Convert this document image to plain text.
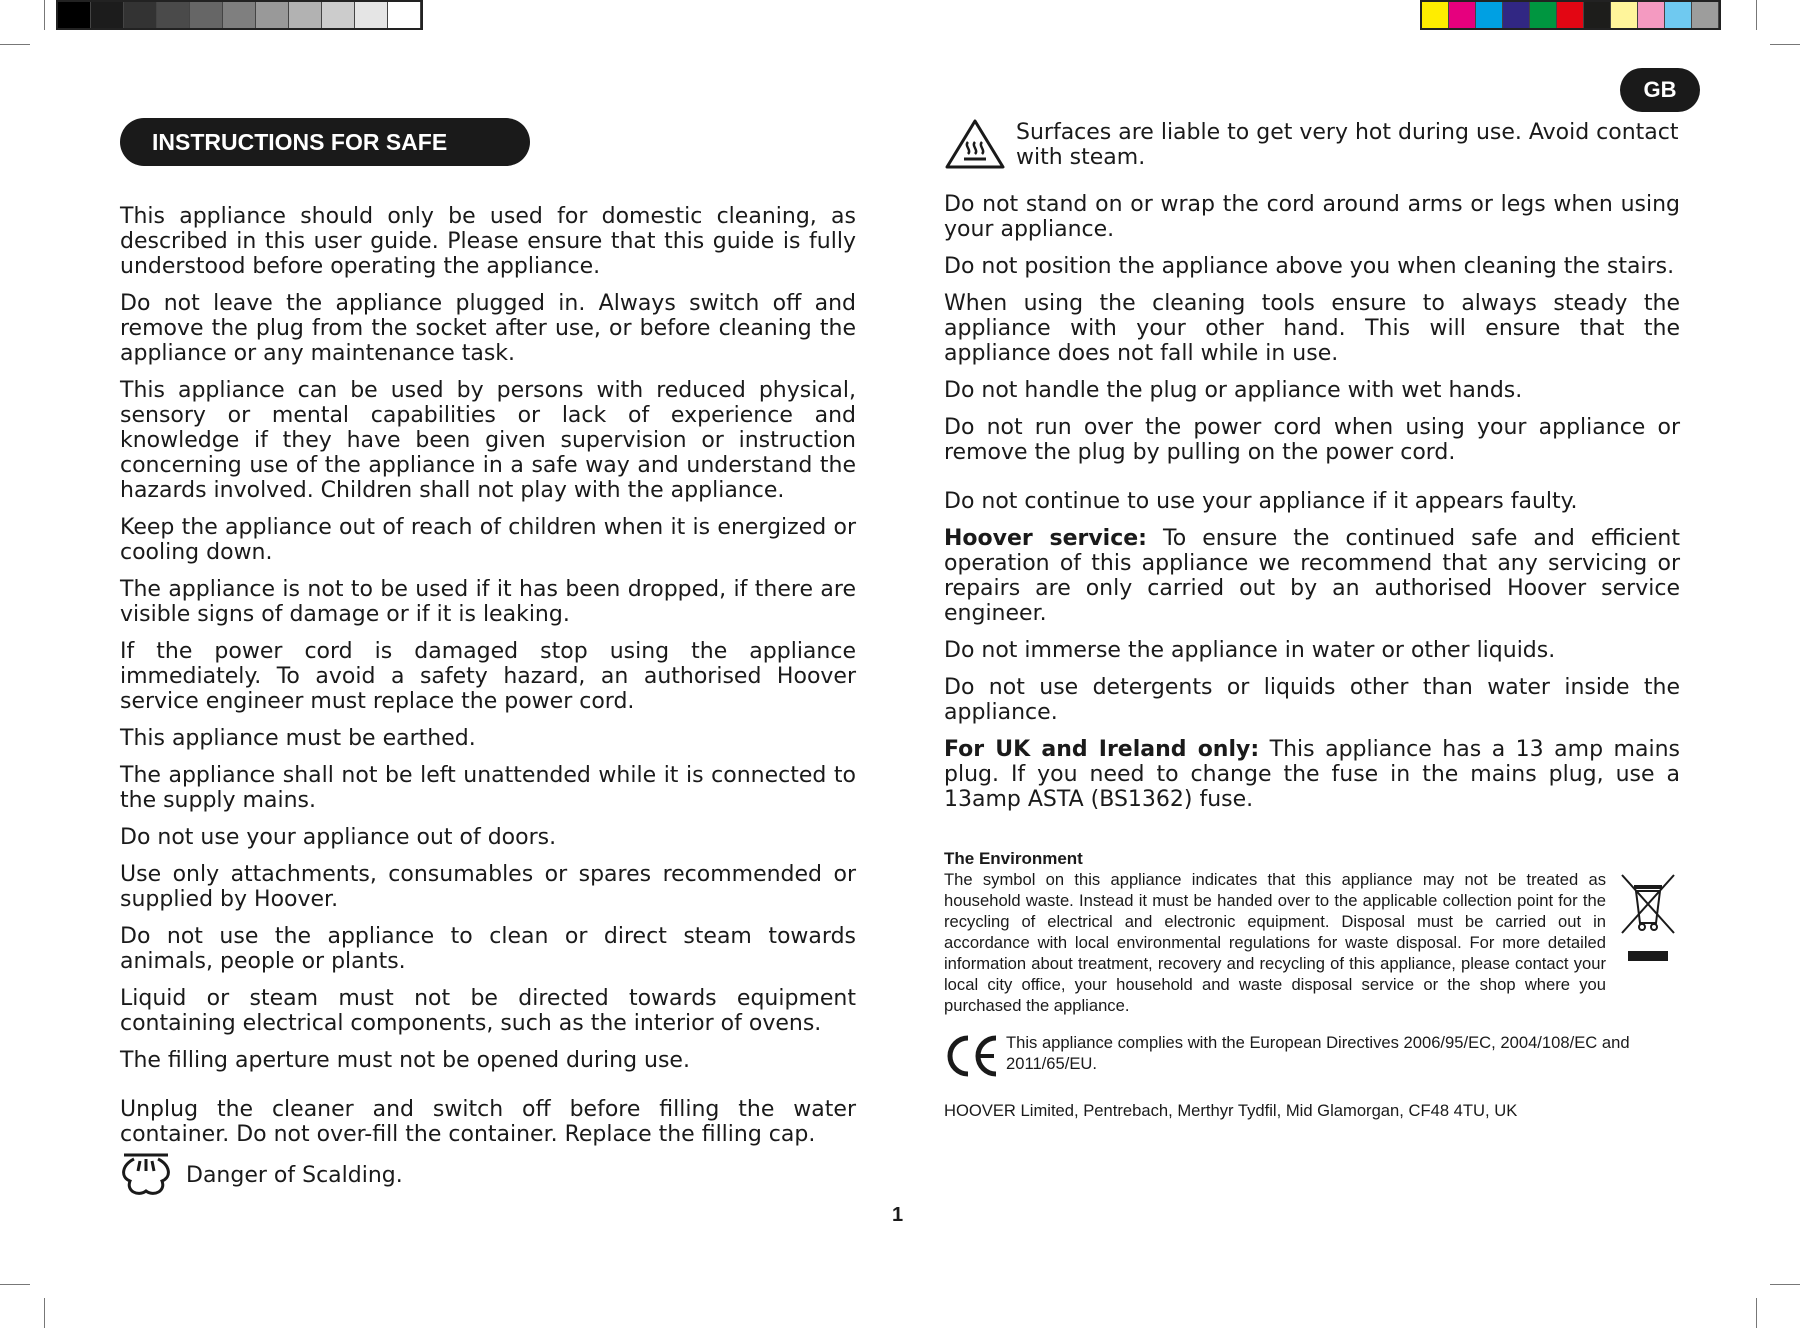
GB
INSTRUCTIONS FOR SAFE USE

This appliance should only be used for domestic cleaning, as described in this user guide. Please ensure that this guide is fully understood before operating the appliance.

Do not leave the appliance plugged in. Always switch off and remove the plug from the socket after use, or before cleaning the appliance or any maintenance task.

This appliance can be used by persons with reduced physical, sensory or mental capabilities or lack of experience and knowledge if they have been given supervision or instruction concerning use of the appliance in a safe way and understand the hazards involved. Children shall not play with the appliance.

Keep the appliance out of reach of children when it is energized or cooling down.

The appliance is not to be used if it has been dropped, if there are visible signs of damage or if it is leaking.

If the power cord is damaged stop using the appliance immediately. To avoid a safety hazard, an authorised Hoover service engineer must replace the power cord.

This appliance must be earthed.

The appliance shall not be left unattended while it is connected to the supply mains.

Do not use your appliance out of doors.

Use only attachments, consumables or spares recommended or supplied by Hoover.

Do not use the appliance to clean or direct steam towards animals, people or plants.

Liquid or steam must not be directed towards equipment containing electrical components, such as the interior of ovens.

The filling aperture must not be opened during use.

Unplug the cleaner and switch off before filling the water container. Do not over-fill the container. Replace the filling cap.

Danger of Scalding.
Surfaces are liable to get very hot during use. Avoid contact with steam.

Do not stand on or wrap the cord around arms or legs when using your appliance.

Do not position the appliance above you when cleaning the stairs.

When using the cleaning tools ensure to always steady the appliance with your other hand. This will ensure that the appliance does not fall while in use.

Do not handle the plug or appliance with wet hands.

Do not run over the power cord when using your appliance or remove the plug by pulling on the power cord.

Do not continue to use your appliance if it appears faulty.

Hoover service: To ensure the continued safe and efficient operation of this appliance we recommend that any servicing or repairs are only carried out by an authorised Hoover service engineer.

Do not immerse the appliance in water or other liquids.

Do not use detergents or liquids other than water inside the appliance.

For UK and Ireland only: This appliance has a 13 amp mains plug. If you need to change the fuse in the mains plug, use a 13amp ASTA (BS1362) fuse.

The Environment
The symbol on this appliance indicates that this appliance may not be treated as household waste. Instead it must be handed over to the applicable collection point for the recycling of electrical and electronic equipment. Disposal must be carried out in accordance with local environmental regulations for waste disposal. For more detailed information about treatment, recovery and recycling of this appliance, please contact your local city office, your household and waste disposal service or the shop where you purchased the appliance.
This appliance complies with the European Directives 2006/95/EC, 2004/108/EC and 2011/65/EU.
HOOVER Limited, Pentrebach, Merthyr Tydfil, Mid Glamorgan, CF48 4TU, UK
1
